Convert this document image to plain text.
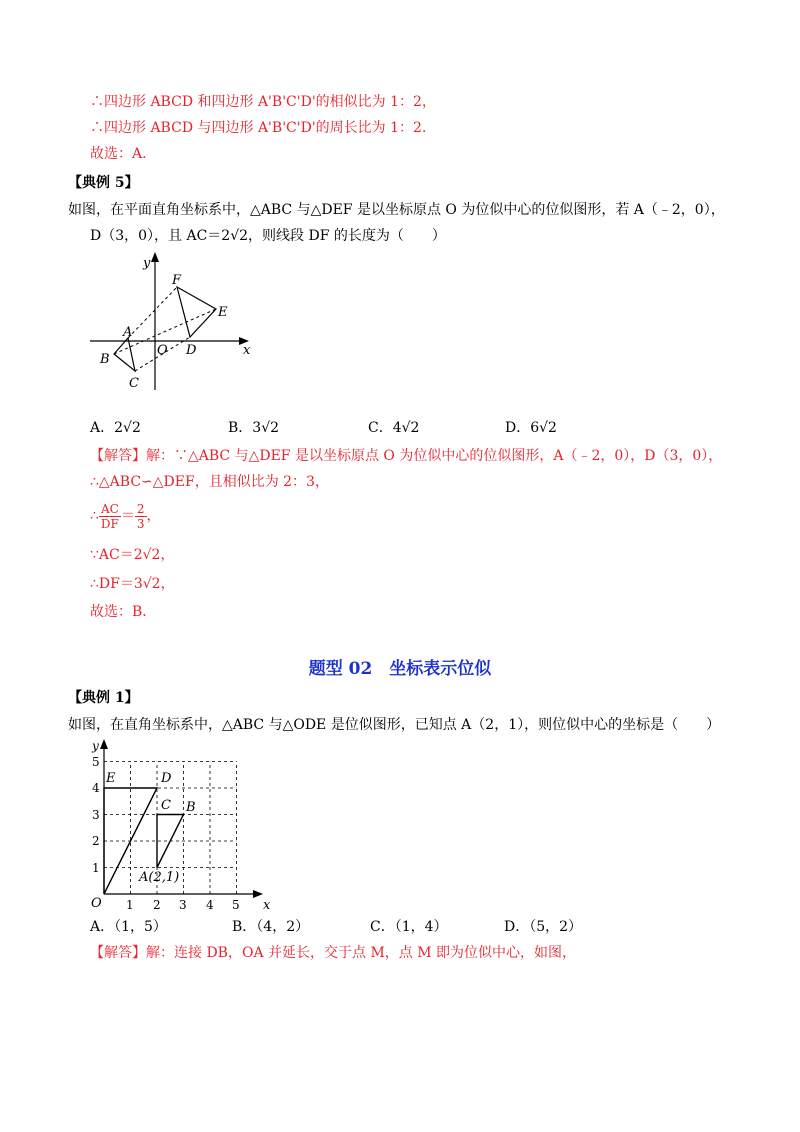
∴四边形 ABCD 和四边形 A'B'C'D'的相似比为 1：2，
∴四边形 ABCD 与四边形 A'B'C'D'的周长比为 1：2．
故选：A．
【典例 5】
如图，在平面直角坐标系中，△ABC 与△DEF 是以坐标原点 O 为位似中心的位似图形，若 A（﹣2，0），
D（3，0），且 AC＝2√2，则线段 DF 的长度为（　　）
y
x
F
E
A
O D
B
C
A．2√2	B．3√2	C．4√2	D．6√2
【解答】解：∵△ABC 与△DEF 是以坐标原点 O 为位似中心的位似图形，A（﹣2，0），D（3，0），
∴△ABC∽△DEF，且相似比为 2：3，
∴ $\frac{AC}{DF} = \frac{2}{3}$ ，
∵AC＝2√2，
∴DF＝3√2，
故选：B．
题型 02　坐标表示位似
【典例 1】
如图，在直角坐标系中，△ABC 与△ODE 是位似图形，已知点 A（2，1），则位似中心的坐标是（　　）
1 2 3 4 5
1
2
3
4
5
y
x
O
E	D
C B
A(2,1)
A．（1，5）	B．（4，2）	C．（1，4）	D．（5，2）
【解答】解：连接 DB，OA 并延长，交于点 M，点 M 即为位似中心，如图，
